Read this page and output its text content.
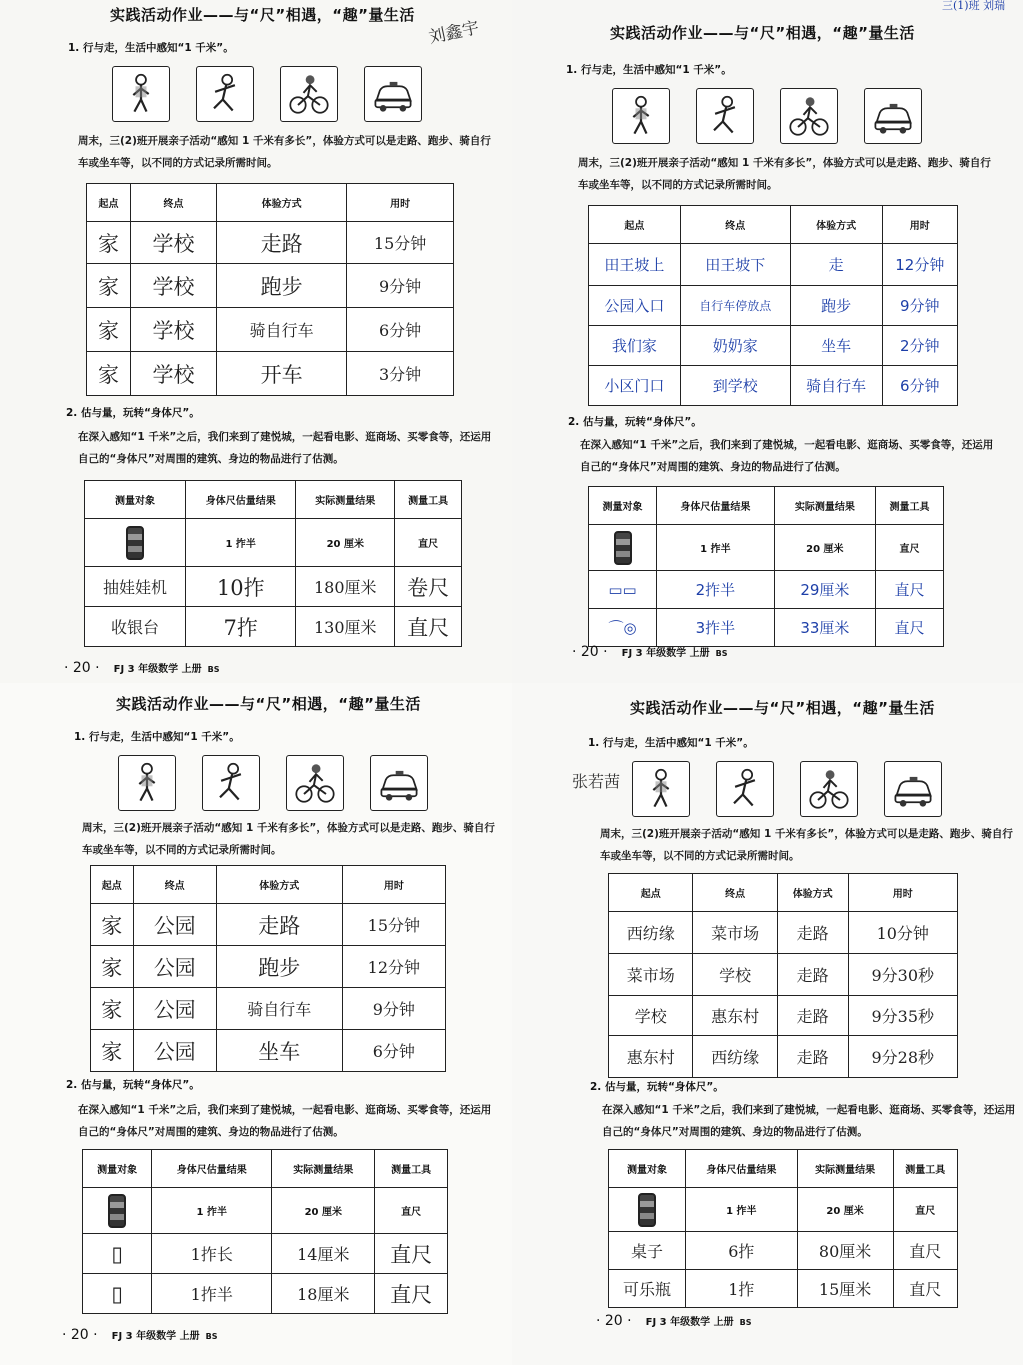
实践活动作业——与“尺”相遇，“趣”量生活
刘鑫宇
1. 行与走，生活中感知“1 千米”。
周末，三(2)班开展亲子活动“感知 1 千米有多长”，体验方式可以是走路、跑步、骑自行车或坐车等，以不同的方式记录所需时间。
起点	终点	体验方式	用时
家	学校	走路	15分钟
家	学校	跑步	9分钟
家	学校	骑自行车	6分钟
家	学校	开车	3分钟
2. 估与量，玩转“身体尺”。
在深入感知“1 千米”之后，我们来到了建悦城，一起看电影、逛商场、买零食等，还运用自己的“身体尺”对周围的建筑、身边的物品进行了估测。
测量对象	身体尺估量结果	实际测量结果	测量工具

	1 拃半	20 厘米	直尺
抽娃娃机	10拃	180厘米	卷尺
收银台	7拃	130厘米	直尺
· 20 · FJ 3 年级数学 上册 BS
实践活动作业——与“尺”相遇，“趣”量生活
三(1)班 刘瑞
1. 行与走，生活中感知“1 千米”。
周末，三(2)班开展亲子活动“感知 1 千米有多长”，体验方式可以是走路、跑步、骑自行车或坐车等，以不同的方式记录所需时间。
起点	终点	体验方式	用时
田王坡上	田王坡下	走	12分钟
公园入口	自行车停放点	跑步	9分钟
我们家	奶奶家	坐车	2分钟
小区门口	到学校	骑自行车	6分钟
2. 估与量，玩转“身体尺”。
在深入感知“1 千米”之后，我们来到了建悦城，一起看电影、逛商场、买零食等，还运用自己的“身体尺”对周围的建筑、身边的物品进行了估测。
测量对象	身体尺估量结果	实际测量结果	测量工具

	1 拃半	20 厘米	直尺
▭▭	2拃半	29厘米	直尺
⌒◎	3拃半	33厘米	直尺
· 20 · FJ 3 年级数学 上册 BS
实践活动作业——与“尺”相遇，“趣”量生活
1. 行与走，生活中感知“1 千米”。
周末，三(2)班开展亲子活动“感知 1 千米有多长”，体验方式可以是走路、跑步、骑自行车或坐车等，以不同的方式记录所需时间。
起点	终点	体验方式	用时
家	公园	走路	15分钟
家	公园	跑步	12分钟
家	公园	骑自行车	9分钟
家	公园	坐车	6分钟
2. 估与量，玩转“身体尺”。
在深入感知“1 千米”之后，我们来到了建悦城，一起看电影、逛商场、买零食等，还运用自己的“身体尺”对周围的建筑、身边的物品进行了估测。
测量对象	身体尺估量结果	实际测量结果	测量工具

	1 拃半	20 厘米	直尺
▯	1拃长	14厘米	直尺
▯	1拃半	18厘米	直尺
· 20 · FJ 3 年级数学 上册 BS
实践活动作业——与“尺”相遇，“趣”量生活
1. 行与走，生活中感知“1 千米”。
张若茜
周末，三(2)班开展亲子活动“感知 1 千米有多长”，体验方式可以是走路、跑步、骑自行车或坐车等，以不同的方式记录所需时间。
起点	终点	体验方式	用时
西纺缘	菜市场	走路	10分钟
菜市场	学校	走路	9分30秒
学校	惠东村	走路	9分35秒
惠东村	西纺缘	走路	9分28秒
2. 估与量，玩转“身体尺”。
在深入感知“1 千米”之后，我们来到了建悦城，一起看电影、逛商场、买零食等，还运用自己的“身体尺”对周围的建筑、身边的物品进行了估测。
测量对象	身体尺估量结果	实际测量结果	测量工具

	1 拃半	20 厘米	直尺
桌子	6拃	80厘米	直尺
可乐瓶	1拃	15厘米	直尺
· 20 · FJ 3 年级数学 上册 BS
